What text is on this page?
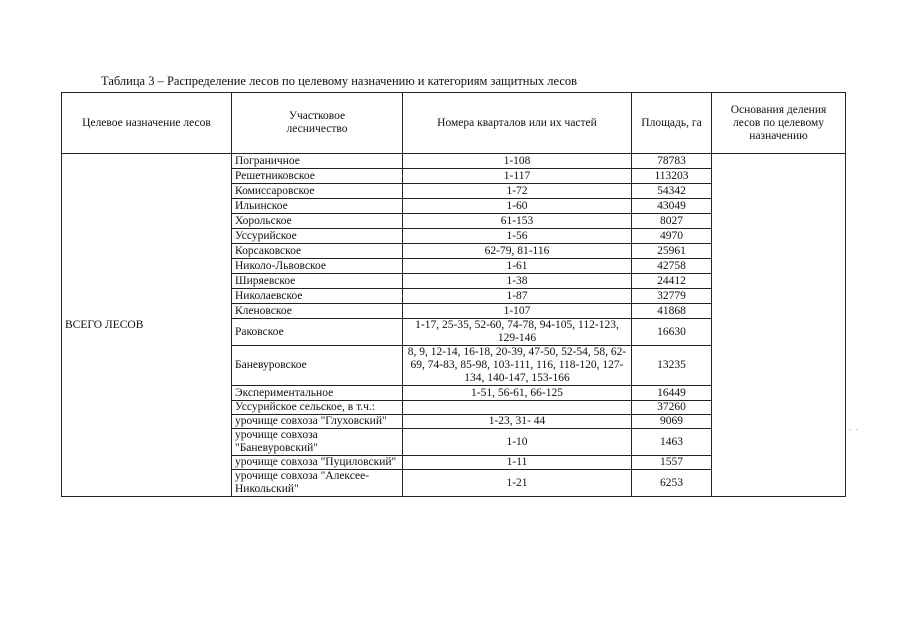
Таблица 3 – Распределение лесов по целевому назначению и категориям защитных лесов
Целевое назначение лесов	Участковое лесничество	Номера кварталов или их частей	Площадь, га	Основания деления лесов по целевому назначению

ВСЕГО ЛЕСОВ	Пограничное	1-108	78783	
	Решетниковское	1-117	113203	
	Комиссаровское	1-72	54342	
	Ильинское	1-60	43049	
	Хорольское	61-153	8027	
	Уссурийское	1-56	4970	
	Корсаковское	62-79, 81-116	25961	
	Николо-Львовское	1-61	42758	
	Ширяевское	1-38	24412	
	Николаевское	1-87	32779	
	Кленовское	1-107	41868	
	Раковское	1-17, 25-35, 52-60, 74-78, 94-105, 112-123, 129-146	16630	
	Баневуровское	8, 9, 12-14, 16-18, 20-39, 47-50, 52-54, 58, 62-69, 74-83, 85-98, 103-111, 116, 118-120, 127-134, 140-147, 153-166	13235	
	Экспериментальное	1-51, 56-61, 66-125	16449	
	Уссурийское сельское, в т.ч.:		37260	
	урочище совхоза "Глуховский"	1-23, 31- 44	9069	
	урочище совхоза "Баневуровский"	1-10	1463	
	урочище совхоза "Пуциловский"	1-11	1557	
	урочище совхоза "Алексее-Никольский"	1-21	6253	
.  .
